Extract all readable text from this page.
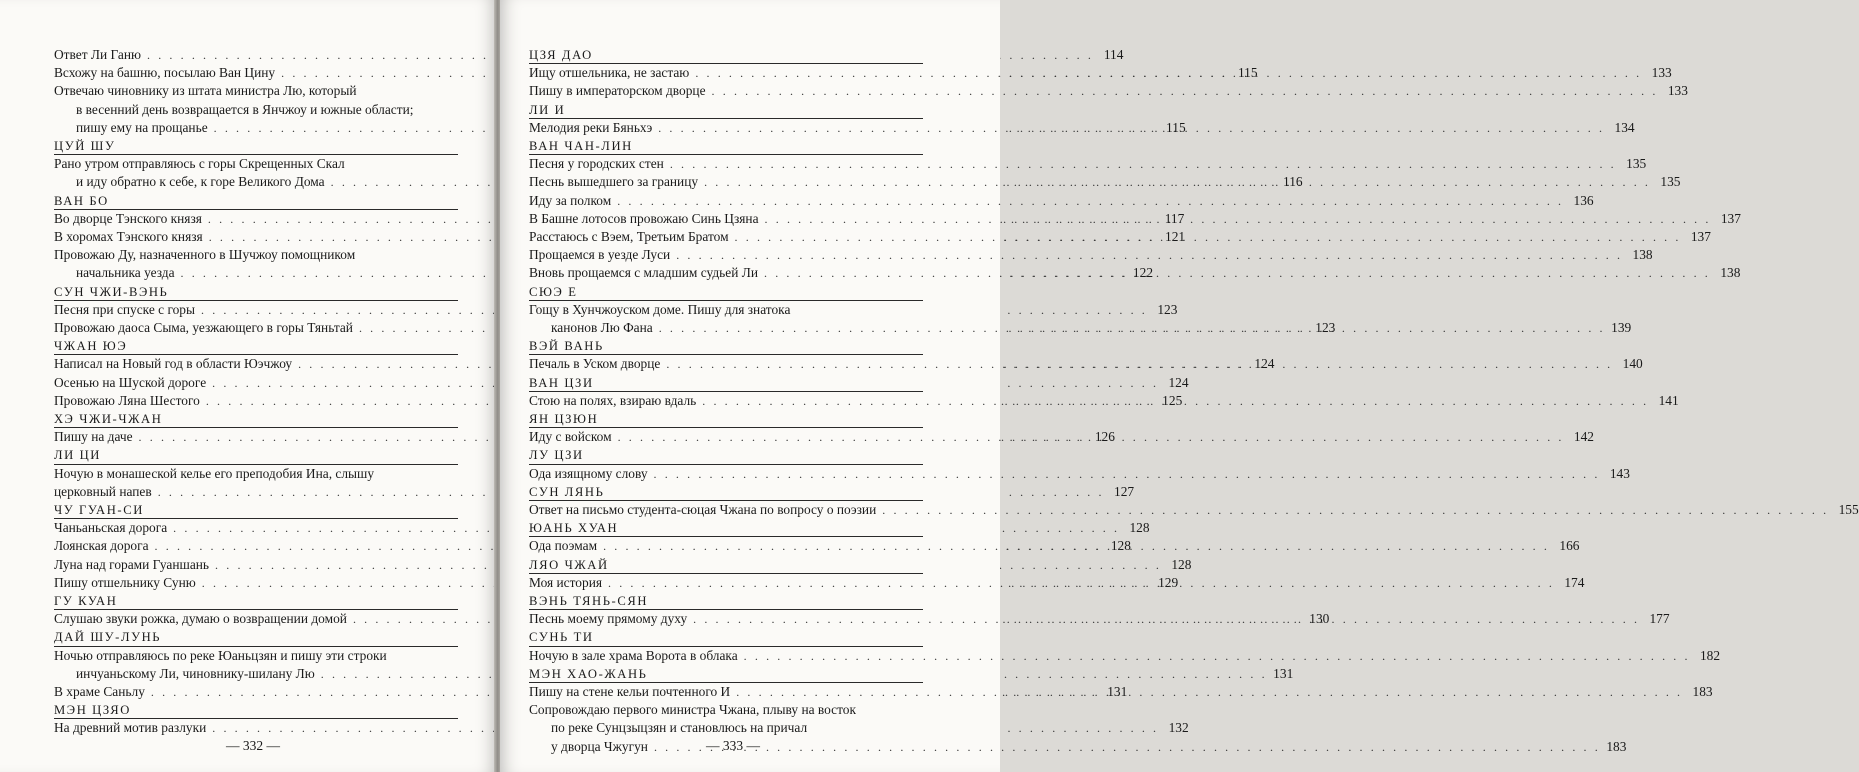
Ответ Ли Ганю . . .	114
Всхожу на башню, посылаю Ван Цину . . .	115
Отвечаю чиновнику из штата министра Лю, который
в весенний день возвращается в Янчжоу и южные области;
пишу ему на прощанье . . .	115
ЦУЙ ШУ
Рано утром отправляюсь с горы Скрещенных Скал
и иду обратно к себе, к горе Великого Дома . . .	116
ВАН БО
Во дворце Тэнского князя . . .	117
В хоромах Тэнского князя . . .	121
Провожаю Ду, назначенного в Шучжоу помощником
начальника уезда . . .	122
СУН ЧЖИ-ВЭНЬ
Песня при спуске с горы . . .	123
Провожаю даоса Сыма, уезжающего в горы Тяньтай . . .	123
ЧЖАН ЮЭ
Написал на Новый год в области Юэчжоу . . .	124
Осенью на Шуской дороге . . .	124
Провожаю Ляна Шестого . . .	125
ХЭ ЧЖИ-ЧЖАН
Пишу на даче . . .	126
ЛИ ЦИ
Ночую в монашеской келье его преподобия Ина, слышу
церковный напев . . .	127
ЧУ ГУАН-СИ
Чаньаньская дорога . . .	128
Лоянская дорога . . .	128
Луна над горами Гуаншань . . .	128
Пишу отшельнику Суню . . .	129
ГУ КУАН
Слушаю звуки рожка, думаю о возвращении домой . . .	130
ДАЙ ШУ-ЛУНЬ
Ночью отправляюсь по реке Юаньцзян и пишу эти строки
инчуаньскому Ли, чиновнику-шилану Лю . . .	131
В храме Саньлу . . .	131
МЭН ЦЗЯО
На древний мотив разлуки . . .	132
— 332 —
ЦЗЯ ДАО
Ищу отшельника, не застаю . . .	133
Пишу в императорском дворце . . .	133
ЛИ И
Мелодия реки Бяньхэ . . .	134
ВАН ЧАН-ЛИН
Песня у городских стен . . .	135
Песнь вышедшего за границу . . .	135
Иду за полком . . .	136
В Башне лотосов провожаю Синь Цзяна . . .	137
Расстаюсь с Вэем, Третьим Братом . . .	137
Прощаемся в уезде Луси . . .	138
Вновь прощаемся с младшим судьей Ли . . .	138
СЮЭ Е
Гощу в Хунчжоуском доме. Пишу для знатока
канонов Лю Фана . . .	139
ВЭЙ ВАНЬ
Печаль в Уском дворце . . .	140
ВАН ЦЗИ
Стою на полях, взираю вдаль . . .	141
ЯН ЦЗЮН
Иду с войском . . .	142
ЛУ ЦЗИ
Ода изящному слову . . .	143
СУН ЛЯНЬ
Ответ на письмо студента-сюцая Чжана по вопросу о поэзии . . .	155
ЮАНЬ ХУАН
Ода поэмам . . .	166
ЛЯО ЧЖАЙ
Моя история . . .	174
ВЭНЬ ТЯНЬ-СЯН
Песнь моему прямому духу . . .	177
СУНЬ ТИ
Ночую в зале храма Ворота в облака . . .	182
МЭН ХАО-ЖАНЬ
Пишу на стене кельи почтенного И . . .	183
Сопровождаю первого министра Чжана, плыву на восток
по реке Сунцзыцзян и становлюсь на причал
у дворца Чжугун . . .	183
— 333 —
